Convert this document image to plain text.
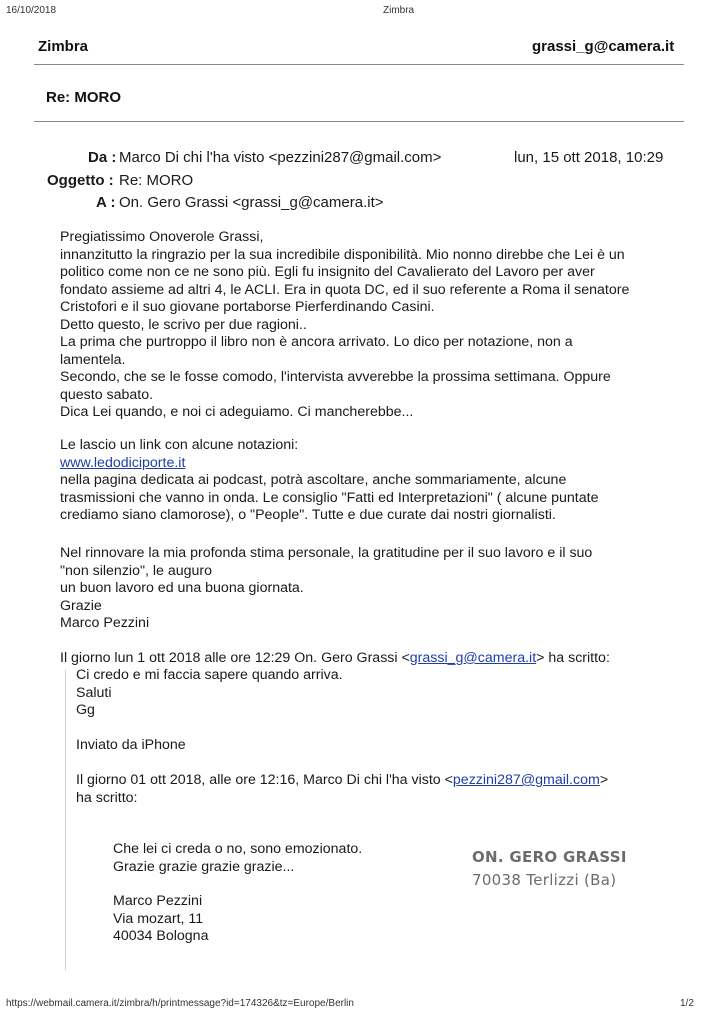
16/10/2018	Zimbra
Zimbra	grassi_g@camera.it
Re: MORO
Da : Marco Di chi l'ha visto <pezzini287@gmail.com>	lun, 15 ott 2018, 10:29
Oggetto : Re: MORO
A : On. Gero Grassi <grassi_g@camera.it>
Pregiatissimo Onoverole Grassi,
innanzitutto la ringrazio per la sua incredibile disponibilità. Mio nonno direbbe che Lei è un
politico come non ce ne sono più. Egli fu insignito del Cavalierato del Lavoro per aver
fondato assieme ad altri 4, le ACLI. Era in quota DC, ed il suo referente a Roma il senatore
Cristofori e il suo giovane portaborse Pierferdinando Casini.
Detto questo, le scrivo per due ragioni..
La prima che purtroppo il libro non è ancora arrivato. Lo dico per notazione, non a
lamentela.
Secondo, che se le fosse comodo, l'intervista avverebbe la prossima settimana. Oppure
questo sabato.
Dica Lei quando, e noi ci adeguiamo. Ci mancherebbe...
Le lascio un link con alcune notazioni:
www.ledodiciporte.it
nella pagina dedicata ai podcast, potrà ascoltare, anche sommariamente, alcune
trasmissioni che vanno in onda. Le consiglio "Fatti ed Interpretazioni" ( alcune puntate
crediamo siano clamorose), o "People". Tutte e due curate dai nostri giornalisti.
Nel rinnovare la mia profonda stima personale, la gratitudine per il suo lavoro e il suo
"non silenzio", le auguro
un buon lavoro ed una buona giornata.
Grazie
Marco Pezzini
Il giorno lun 1 ott 2018 alle ore 12:29 On. Gero Grassi <grassi_g@camera.it> ha scritto:
Ci credo e mi faccia sapere quando arriva.
Saluti
Gg
Inviato da iPhone
Il giorno 01 ott 2018, alle ore 12:16, Marco Di chi l'ha visto <pezzini287@gmail.com>
ha scritto:
Che lei ci creda o no, sono emozionato.
Grazie grazie grazie grazie...
Marco Pezzini
Via mozart, 11
40034 Bologna
ON. GERO GRASSI
70038 Terlizzi (Ba)
https://webmail.camera.it/zimbra/h/printmessage?id=174326&tz=Europe/Berlin	1/2
